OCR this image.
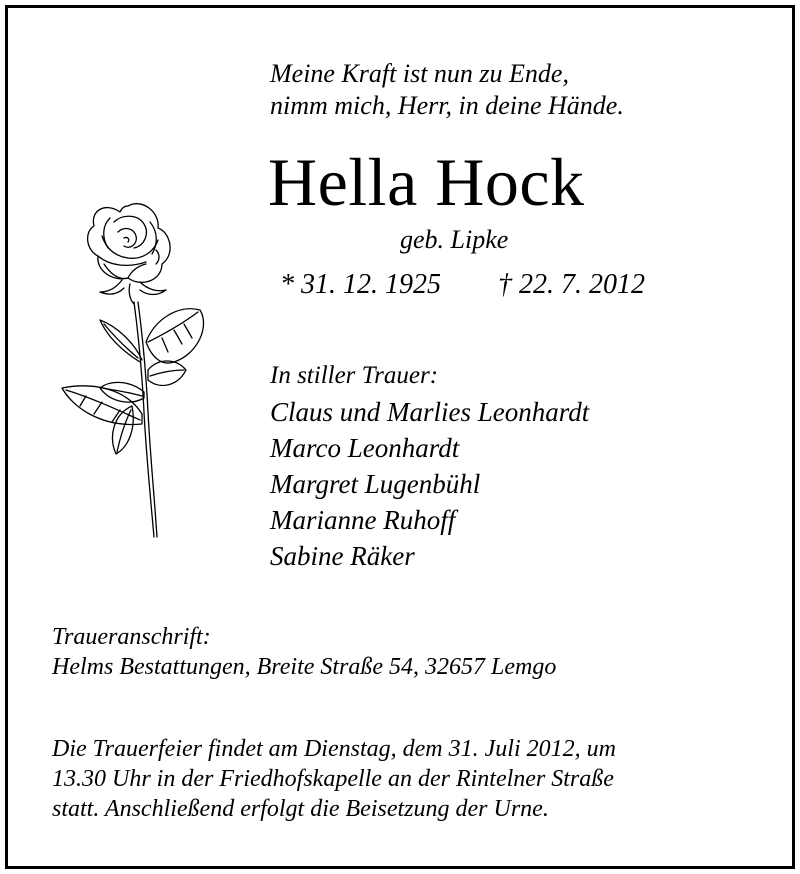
Meine Kraft ist nun zu Ende,
nimm mich, Herr, in deine Hände.
Hella Hock
geb. Lipke
* 31. 12. 1925 † 22. 7. 2012
In stiller Trauer:
Claus und Marlies Leonhardt
Marco Leonhardt
Margret Lugenbühl
Marianne Ruhoff
Sabine Räker
Traueranschrift:
Helms Bestattungen, Breite Straße 54, 32657 Lemgo
Die Trauerfeier findet am Dienstag, dem 31. Juli 2012, um
13.30 Uhr in der Friedhofskapelle an der Rintelner Straße
statt. Anschließend erfolgt die Beisetzung der Urne.
